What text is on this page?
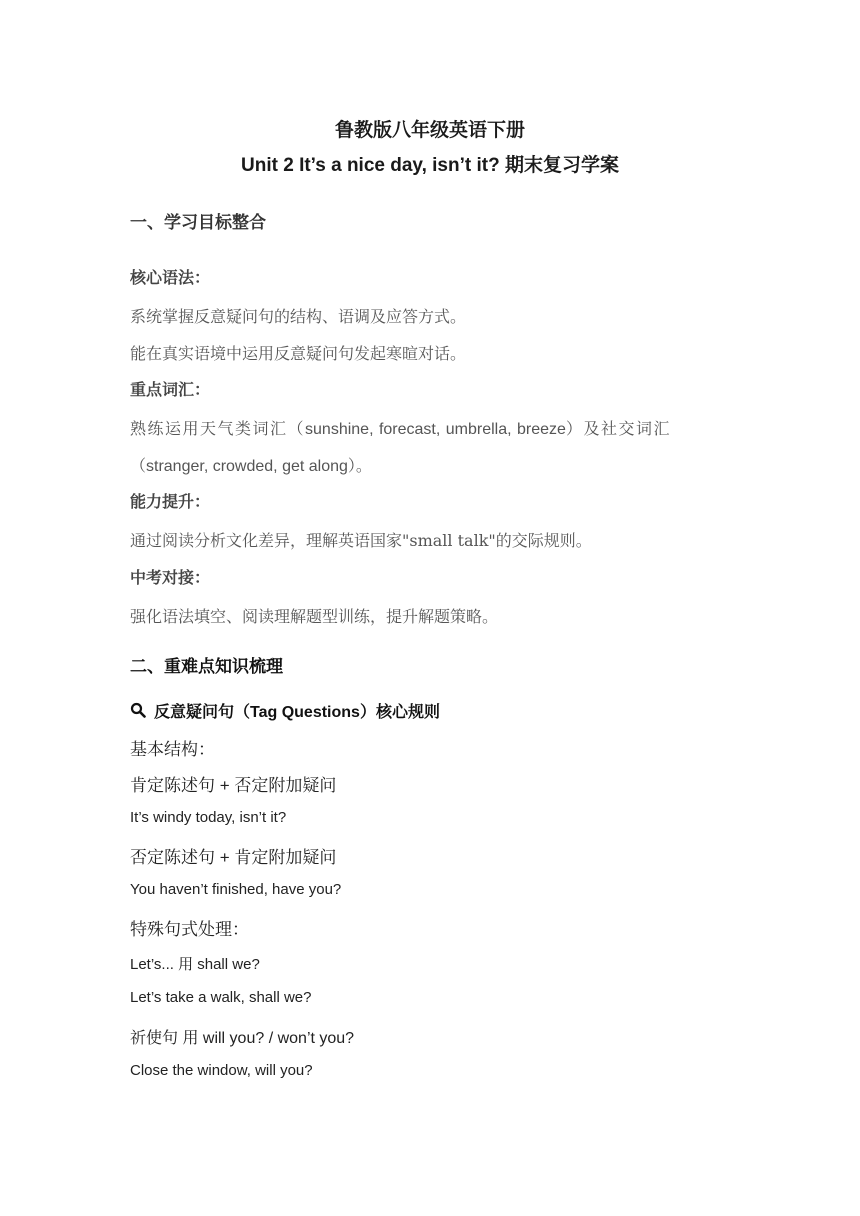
鲁教版八年级英语下册
Unit 2 It’s a nice day, isn’t it? 期末复习学案
一、学习目标整合
核心语法：
系统掌握反意疑问句的结构、语调及应答方式。
能在真实语境中运用反意疑问句发起寒暄对话。
重点词汇：
熟练运用天气类词汇（sunshine, forecast, umbrella, breeze）及社交词汇
（stranger, crowded, get along）。
能力提升：
通过阅读分析文化差异，理解英语国家"small talk"的交际规则。
中考对接：
强化语法填空、阅读理解题型训练，提升解题策略。
二、重难点知识梳理
反意疑问句（Tag Questions）核心规则
基本结构：
肯定陈述句 + 否定附加疑问
It’s windy today, isn’t it?
否定陈述句 + 肯定附加疑问
You haven’t finished, have you?
特殊句式处理：
Let’s... 用 shall we?
Let’s take a walk, shall we?
祈使句 用 will you? / won’t you?
Close the window, will you?
